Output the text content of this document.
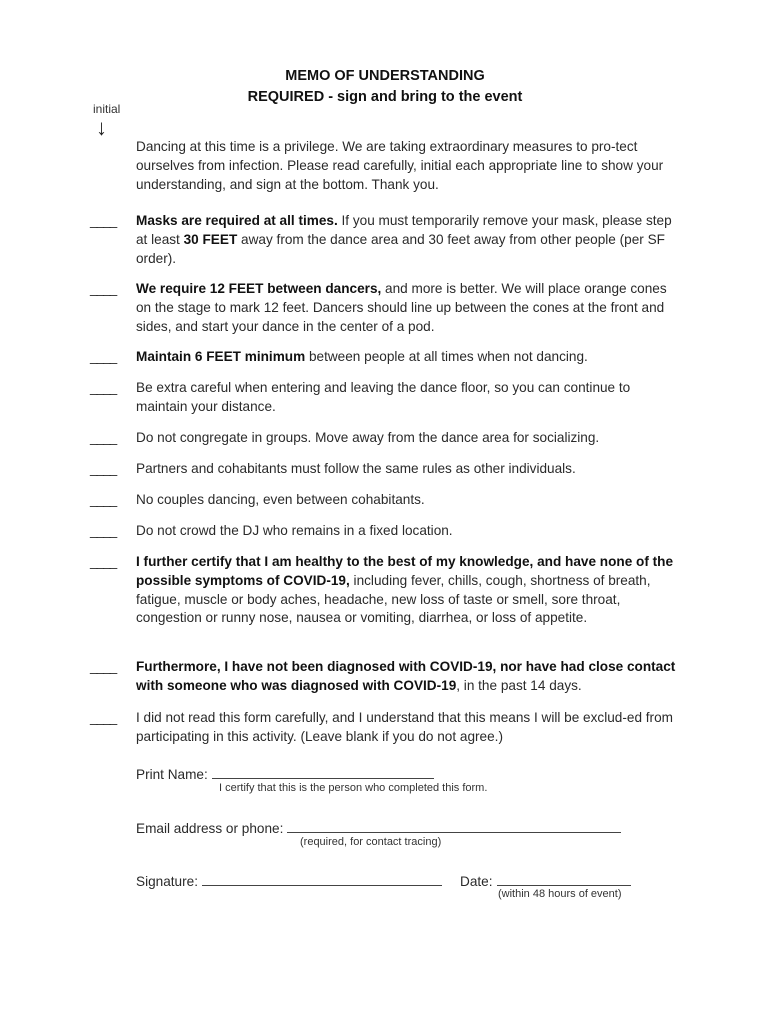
MEMO OF UNDERSTANDING
REQUIRED - sign and bring to the event
initial
↓
Dancing at this time is a privilege. We are taking extraordinary measures to pro-tect ourselves from infection. Please read carefully, initial each appropriate line to show your understanding, and sign at the bottom. Thank you.
____ Masks are required at all times. If you must temporarily remove your mask, please step at least 30 FEET away from the dance area and 30 feet away from other people (per SF order).
____ We require 12 FEET between dancers, and more is better. We will place orange cones on the stage to mark 12 feet. Dancers should line up between the cones at the front and sides, and start your dance in the center of a pod.
____ Maintain 6 FEET minimum between people at all times when not dancing.
____ Be extra careful when entering and leaving the dance floor, so you can continue to maintain your distance.
____ Do not congregate in groups. Move away from the dance area for socializing.
____ Partners and cohabitants must follow the same rules as other individuals.
____ No couples dancing, even between cohabitants.
____ Do not crowd the DJ who remains in a fixed location.
____ I further certify that I am healthy to the best of my knowledge, and have none of the possible symptoms of COVID-19, including fever, chills, cough, shortness of breath, fatigue, muscle or body aches, headache, new loss of taste or smell, sore throat, congestion or runny nose, nausea or vomiting, diarrhea, or loss of appetite.
____ Furthermore, I have not been diagnosed with COVID-19, nor have had close contact with someone who was diagnosed with COVID-19, in the past 14 days.
____ I did not read this form carefully, and I understand that this means I will be exclud-ed from participating in this activity. (Leave blank if you do not agree.)
Print Name:
I certify that this is the person who completed this form.
Email address or phone:
(required, for contact tracing)
Signature:	Date:
(within 48 hours of event)
